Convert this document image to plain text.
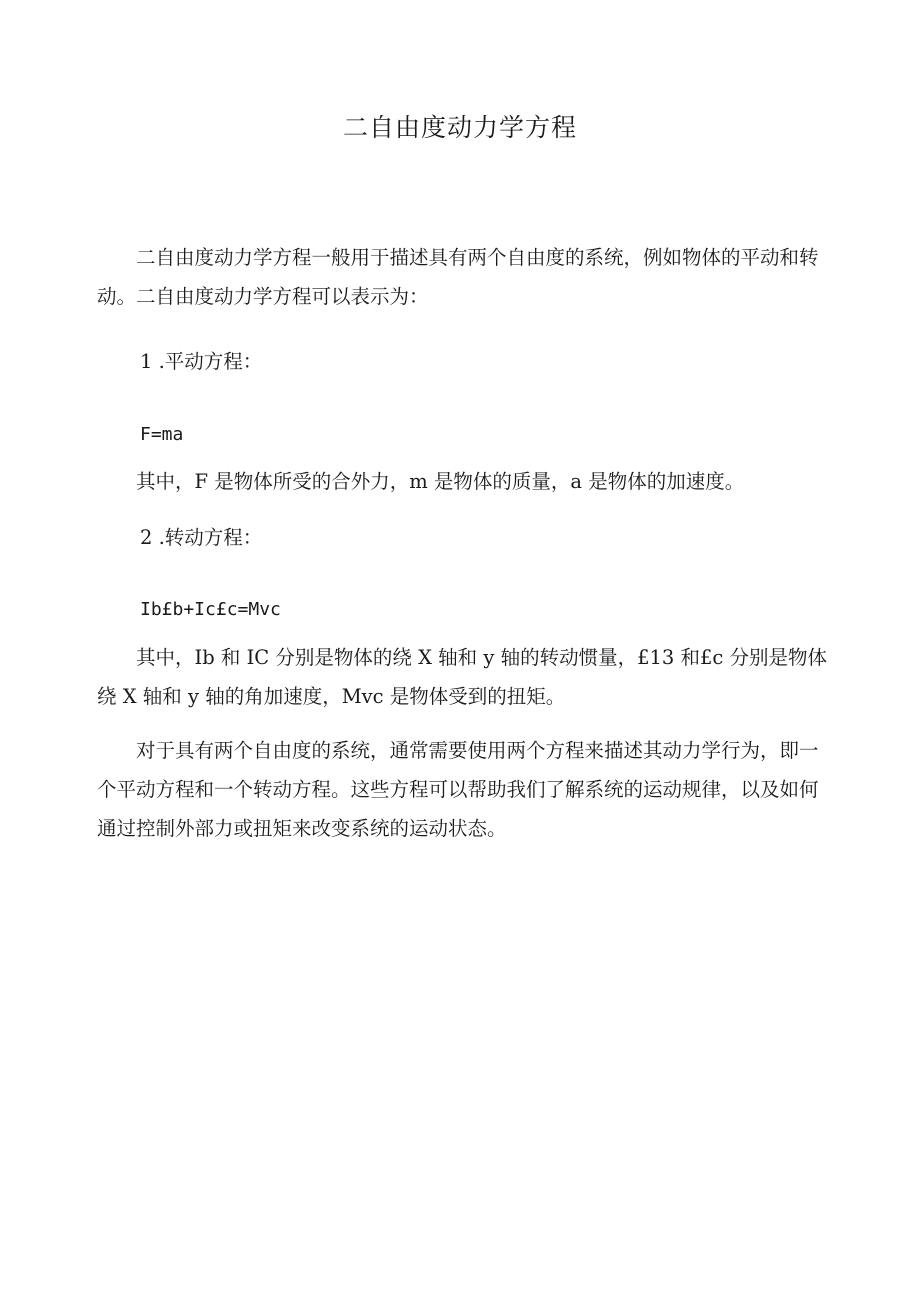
二自由度动力学方程

二自由度动力学方程一般用于描述具有两个自由度的系统，例如物体的平动和转动。二自由度动力学方程可以表示为：

1 .平动方程：

F=ma

其中，F 是物体所受的合外力，m 是物体的质量，a 是物体的加速度。

2 .转动方程：

Ib£b+Ic£c=Mvc

其中，Ib 和 IC 分别是物体的绕 X 轴和 y 轴的转动惯量，£13 和£c 分别是物体绕 X 轴和 y 轴的角加速度，Mvc 是物体受到的扭矩。

对于具有两个自由度的系统，通常需要使用两个方程来描述其动力学行为，即一个平动方程和一个转动方程。这些方程可以帮助我们了解系统的运动规律，以及如何通过控制外部力或扭矩来改变系统的运动状态。
